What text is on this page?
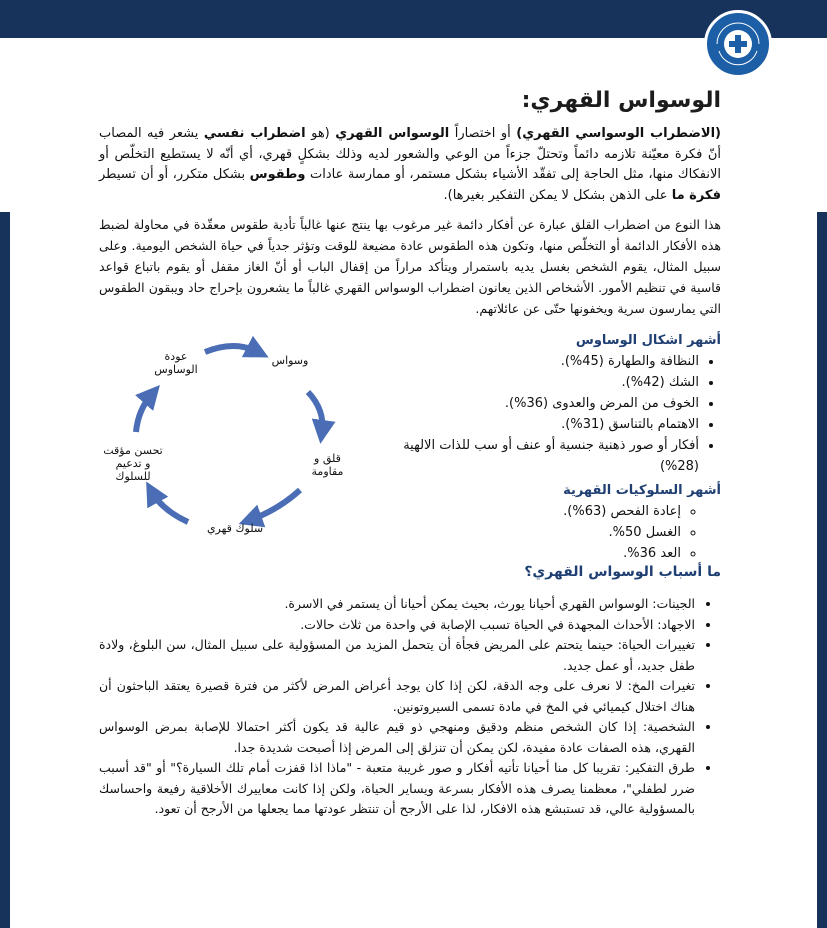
الوسواس القهري:
(الاضطراب الوسواسي القهري) أو اختصاراً الوسواس القهري (هو اضطراب نفسي يشعر فيه المصاب أنّ فكرة معيّنة تلازمه دائماً وتحتلّ جزءاً من الوعي والشعور لديه وذلك بشكلٍ قهري، أي أنّه لا يستطيع التخلّص أو الانفكاك منها، مثل الحاجة إلى تفقّد الأشياء بشكل مستمر، أو ممارسة عادات وطقوس بشكل متكرر، أو أن تسيطر فكرة ما على الذهن بشكل لا يمكن التفكير بغيرها).
هذا النوع من اضطراب القلق عبارة عن أفكار دائمة غير مرغوب بها ينتج عنها غالباً تأدية طقوس معقّدة في محاولة لضبط هذه الأفكار الدائمة أو التخلّص منها، وتكون هذه الطقوس عادة مضيعة للوقت وتؤثر جدياً في حياة الشخص اليومية. وعلى سبيل المثال، يقوم الشخص بغسل يديه باستمرار ويتأكد مراراً من إقفال الباب أو أنّ الغاز مقفل أو يقوم باتباع قواعد قاسية في تنظيم الأمور. الأشخاص الذين يعانون اضطراب الوسواس القهري غالباً ما يشعرون بإحراج حاد ويبقون الطقوس التي يمارسون سرية ويخفونها حتّى عن عائلاتهم.
أشهر اشكال الوساوس
• النظافة والطهارة (45%).
• الشك (42%).
• الخوف من المرض والعدوى (36%).
• الاهتمام بالتناسق (31%).
• أفكار أو صور ذهنية جنسية أو عنف أو سب للذات الالهية (28%)
أشهر السلوكيات القهرية
◦ إعادة الفحص (63%).
◦ الغسل 50%.
◦ العد 36%.
وسواس
قلق و مقاومة
سلوك قهري
تحسن مؤقت و تدعيم للسلوك
عودة الوساوس
ما أسباب الوسواس القهري؟
• الجينات: الوسواس القهري أحيانا يورث، بحيث يمكن أحيانا أن يستمر في الاسرة.
• الاجهاد: الأحداث المجهدة في الحياة تسبب الإصابة في واحدة من ثلاث حالات.
• تغييرات الحياة: حينما يتحتم على المريض فجأة أن يتحمل المزيد من المسؤولية على سبيل المثال، سن البلوغ، ولادة طفل جديد، أو عمل جديد.
• تغيرات المخ: لا نعرف على وجه الدقة، لكن إذا كان يوجد أعراض المرض لأكثر من فترة قصيرة يعتقد الباحثون أن هناك اختلال كيميائي في المخ في مادة تسمى السيروتونين.
• الشخصية: إذا كان الشخص منظم ودقيق ومنهجي ذو قيم عالية قد يكون أكثر احتمالا للإصابة بمرض الوسواس القهري، هذه الصفات عادة مفيدة، لكن يمكن أن تنزلق إلى المرض إذا أصبحت شديدة جدا.
• طرق التفكير: تقريبا كل منا أحيانا تأتيه أفكار و صور غريبة متعبة - "ماذا اذا قفزت أمام تلك السيارة؟" أو "قد أسبب ضرر لطفلي"، معظمنا يصرف هذه الأفكار بسرعة ويساير الحياة، ولكن إذا كانت معاييرك الأخلاقية رفيعة واحساسك بالمسؤولية عالي، قد تستبشع هذه الافكار، لذا على الأرجح أن تنتظر عودتها مما يجعلها من الأرجح أن تعود.
